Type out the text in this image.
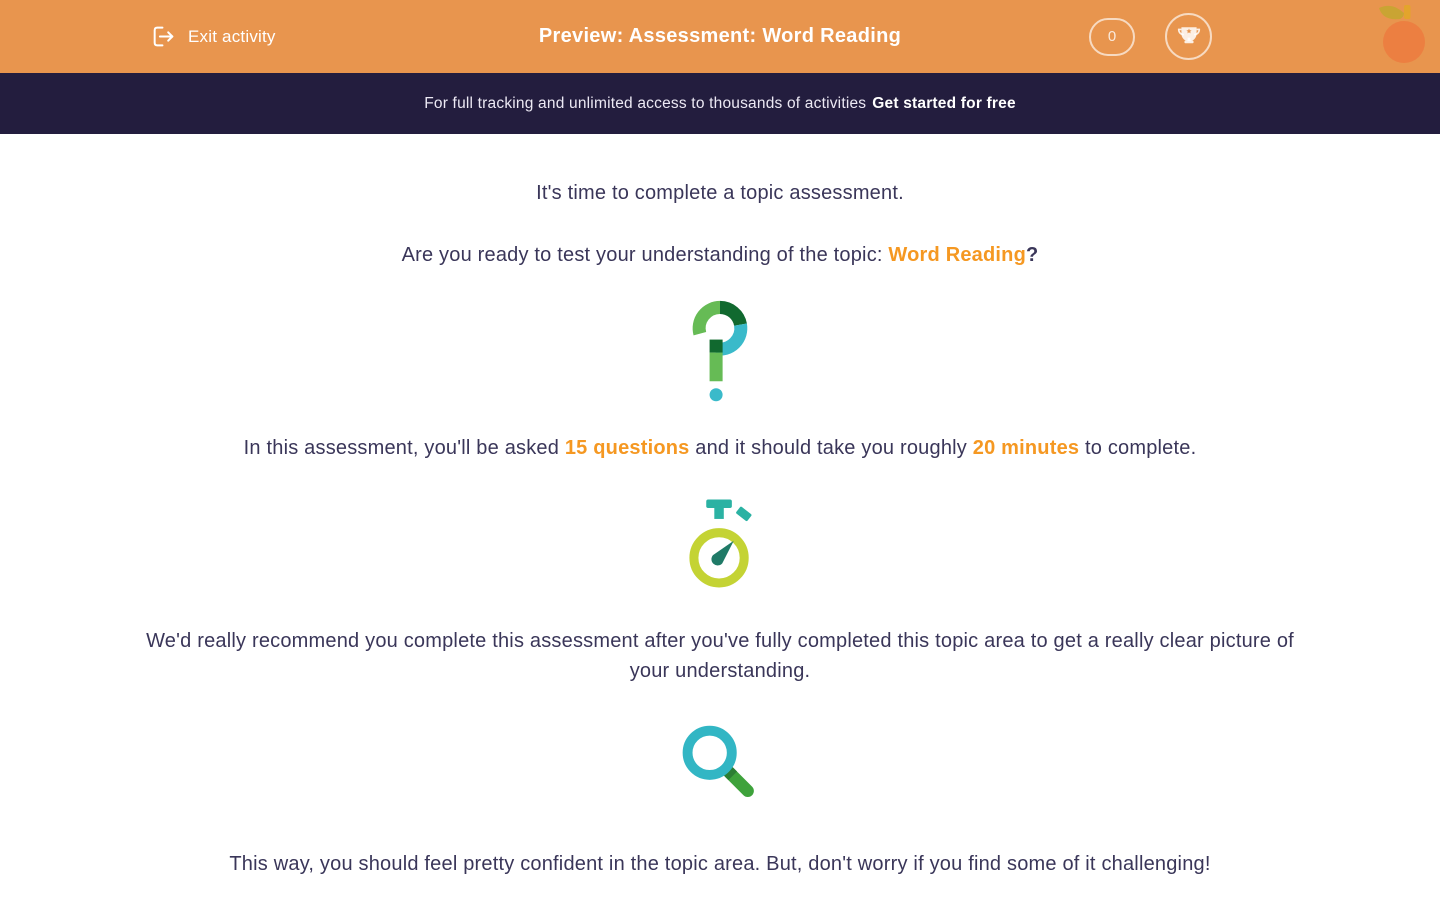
Exit activity	Preview: Assessment: Word Reading	0
For full tracking and unlimited access to thousands of activities Get started for free

It's time to complete a topic assessment.

Are you ready to test your understanding of the topic: Word Reading?

In this assessment, you'll be asked 15 questions and it should take you roughly 20 minutes to complete.

We'd really recommend you complete this assessment after you've fully completed this topic area to get a really clear picture of your understanding.

This way, you should feel pretty confident in the topic area. But, don't worry if you find some of it challenging!
